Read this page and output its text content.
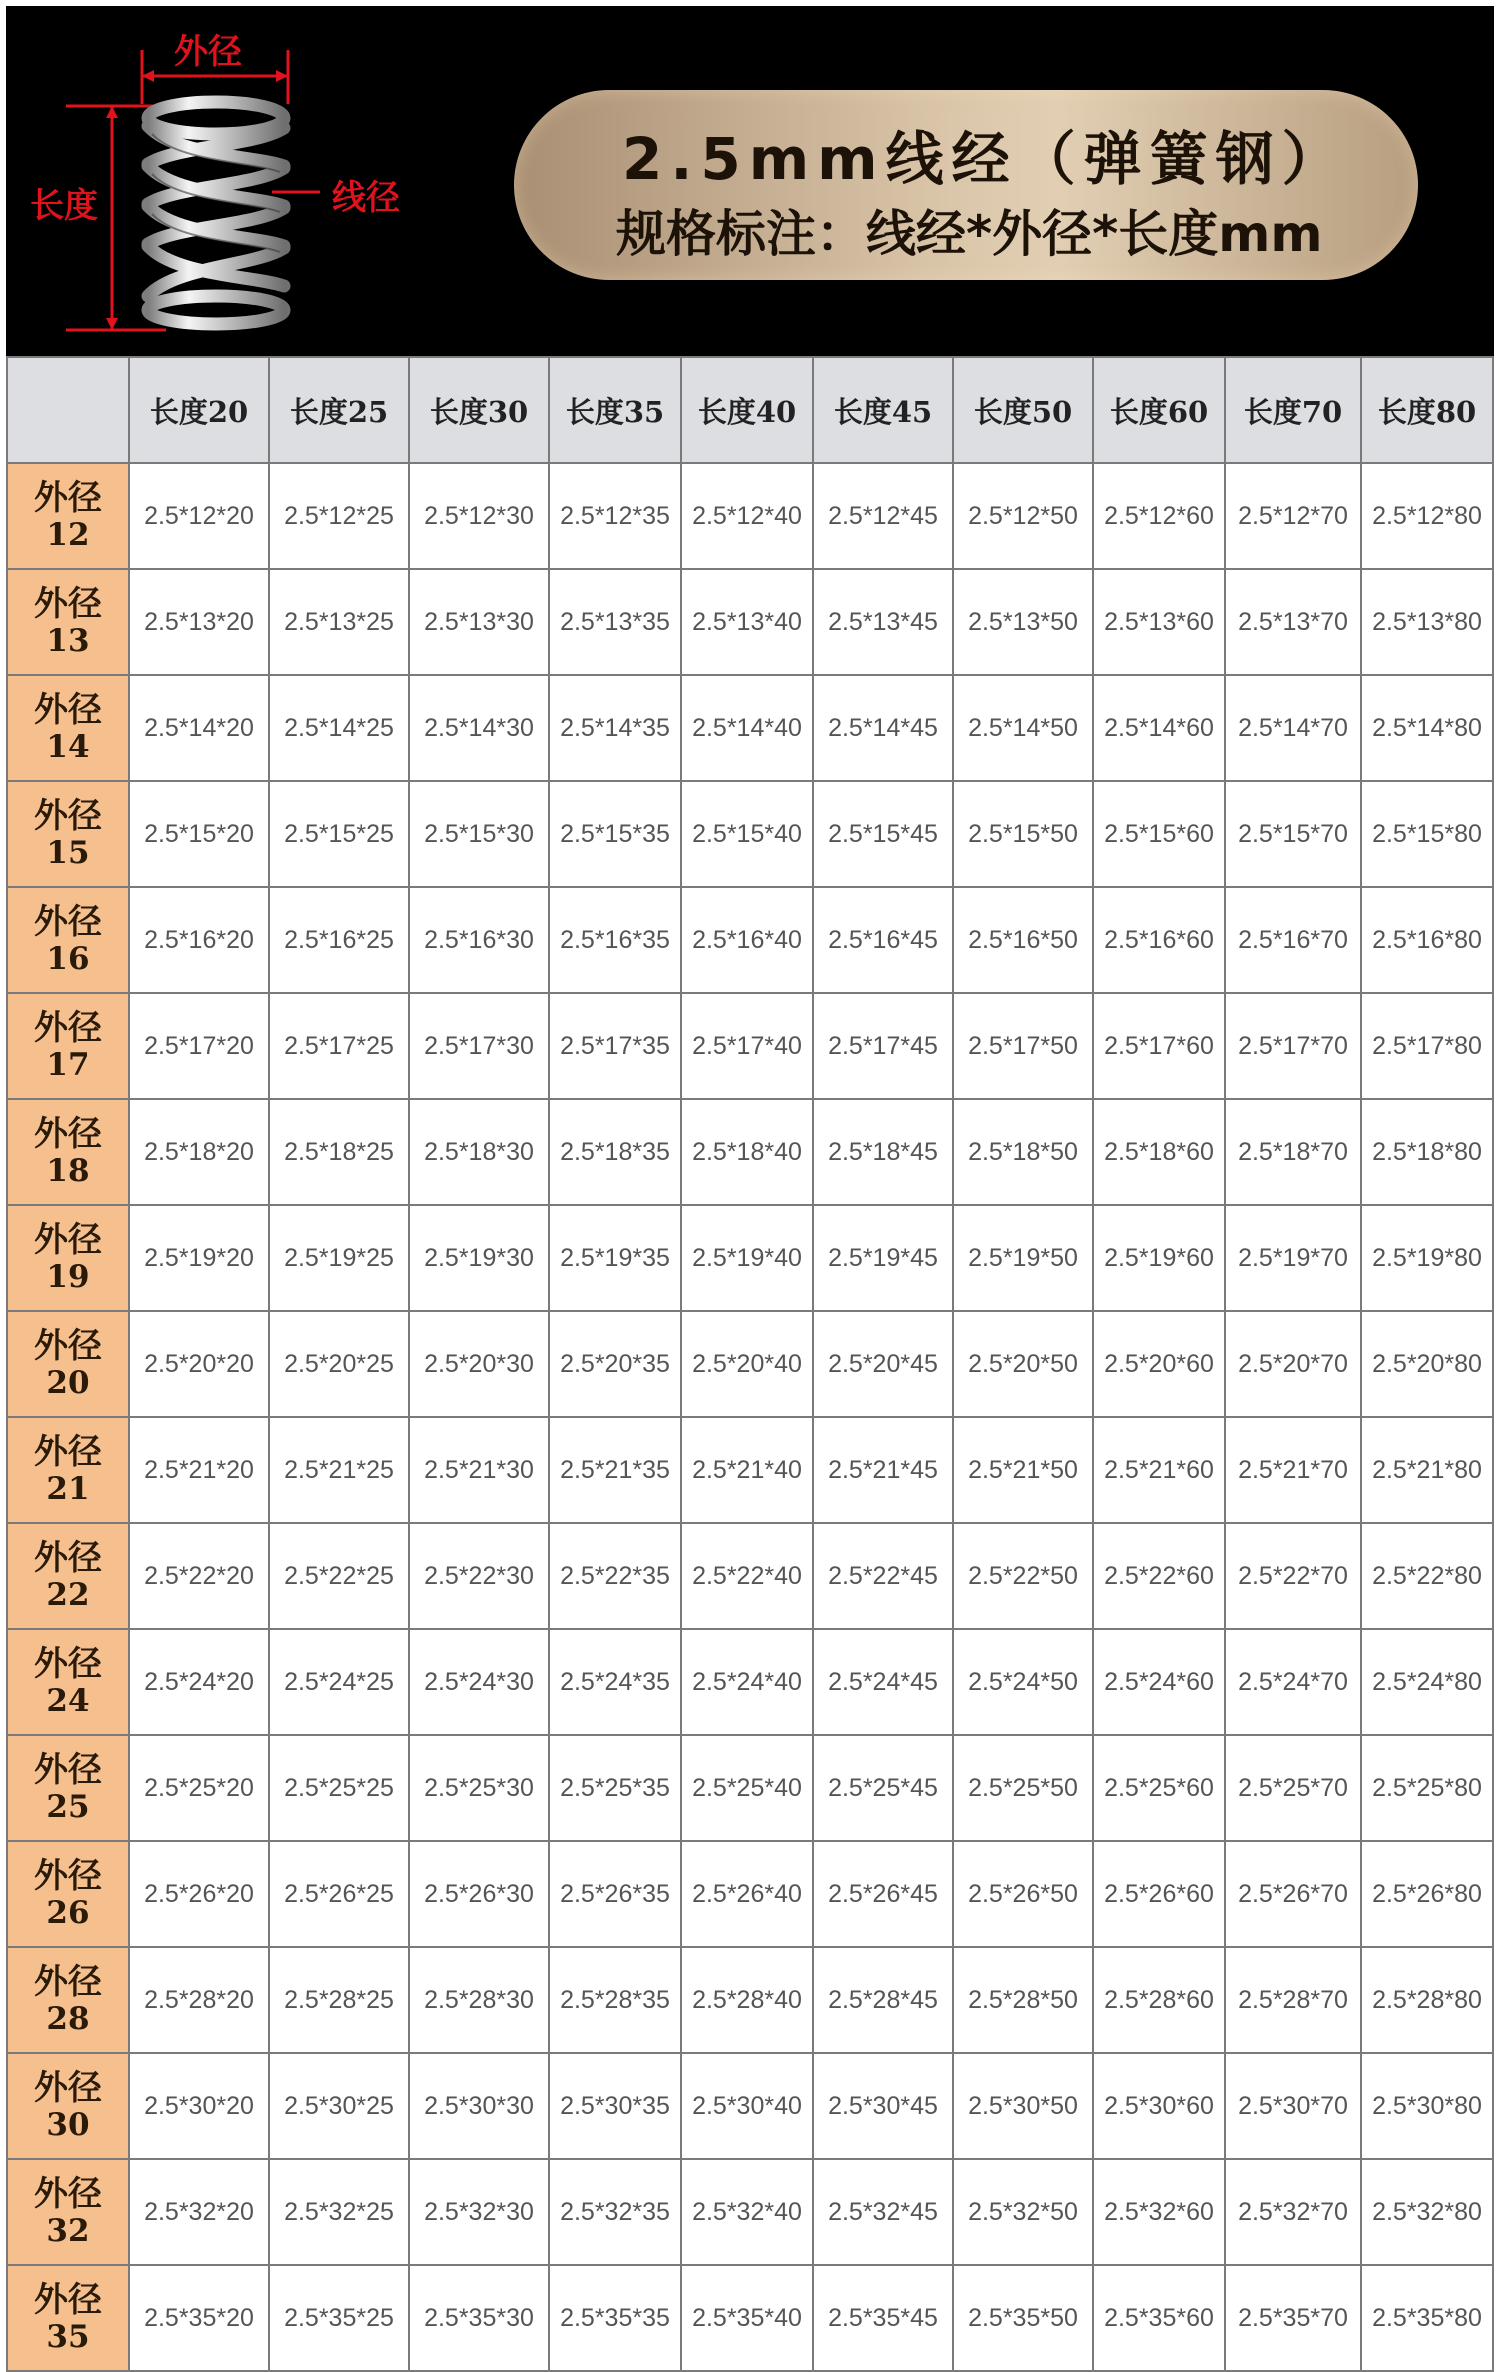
外径
长度	线径
2.5mm线经（弹簧钢）
规格标注：线经*外径*长度mm
	长度20	长度25	长度30	长度35	长度40	长度45	长度50	长度60	长度70	长度80

外径
12	2.5*12*20	2.5*12*25	2.5*12*30	2.5*12*35	2.5*12*40	2.5*12*45	2.5*12*50	2.5*12*60	2.5*12*70	2.5*12*80

外径
13	2.5*13*20	2.5*13*25	2.5*13*30	2.5*13*35	2.5*13*40	2.5*13*45	2.5*13*50	2.5*13*60	2.5*13*70	2.5*13*80

外径
14	2.5*14*20	2.5*14*25	2.5*14*30	2.5*14*35	2.5*14*40	2.5*14*45	2.5*14*50	2.5*14*60	2.5*14*70	2.5*14*80

外径
15	2.5*15*20	2.5*15*25	2.5*15*30	2.5*15*35	2.5*15*40	2.5*15*45	2.5*15*50	2.5*15*60	2.5*15*70	2.5*15*80

外径
16	2.5*16*20	2.5*16*25	2.5*16*30	2.5*16*35	2.5*16*40	2.5*16*45	2.5*16*50	2.5*16*60	2.5*16*70	2.5*16*80

外径
17	2.5*17*20	2.5*17*25	2.5*17*30	2.5*17*35	2.5*17*40	2.5*17*45	2.5*17*50	2.5*17*60	2.5*17*70	2.5*17*80

外径
18	2.5*18*20	2.5*18*25	2.5*18*30	2.5*18*35	2.5*18*40	2.5*18*45	2.5*18*50	2.5*18*60	2.5*18*70	2.5*18*80

外径
19	2.5*19*20	2.5*19*25	2.5*19*30	2.5*19*35	2.5*19*40	2.5*19*45	2.5*19*50	2.5*19*60	2.5*19*70	2.5*19*80

外径
20	2.5*20*20	2.5*20*25	2.5*20*30	2.5*20*35	2.5*20*40	2.5*20*45	2.5*20*50	2.5*20*60	2.5*20*70	2.5*20*80

外径
21	2.5*21*20	2.5*21*25	2.5*21*30	2.5*21*35	2.5*21*40	2.5*21*45	2.5*21*50	2.5*21*60	2.5*21*70	2.5*21*80

外径
22	2.5*22*20	2.5*22*25	2.5*22*30	2.5*22*35	2.5*22*40	2.5*22*45	2.5*22*50	2.5*22*60	2.5*22*70	2.5*22*80

外径
24	2.5*24*20	2.5*24*25	2.5*24*30	2.5*24*35	2.5*24*40	2.5*24*45	2.5*24*50	2.5*24*60	2.5*24*70	2.5*24*80

外径
25	2.5*25*20	2.5*25*25	2.5*25*30	2.5*25*35	2.5*25*40	2.5*25*45	2.5*25*50	2.5*25*60	2.5*25*70	2.5*25*80

外径
26	2.5*26*20	2.5*26*25	2.5*26*30	2.5*26*35	2.5*26*40	2.5*26*45	2.5*26*50	2.5*26*60	2.5*26*70	2.5*26*80

外径
28	2.5*28*20	2.5*28*25	2.5*28*30	2.5*28*35	2.5*28*40	2.5*28*45	2.5*28*50	2.5*28*60	2.5*28*70	2.5*28*80

外径
30	2.5*30*20	2.5*30*25	2.5*30*30	2.5*30*35	2.5*30*40	2.5*30*45	2.5*30*50	2.5*30*60	2.5*30*70	2.5*30*80

外径
32	2.5*32*20	2.5*32*25	2.5*32*30	2.5*32*35	2.5*32*40	2.5*32*45	2.5*32*50	2.5*32*60	2.5*32*70	2.5*32*80

外径
35	2.5*35*20	2.5*35*25	2.5*35*30	2.5*35*35	2.5*35*40	2.5*35*45	2.5*35*50	2.5*35*60	2.5*35*70	2.5*35*80
